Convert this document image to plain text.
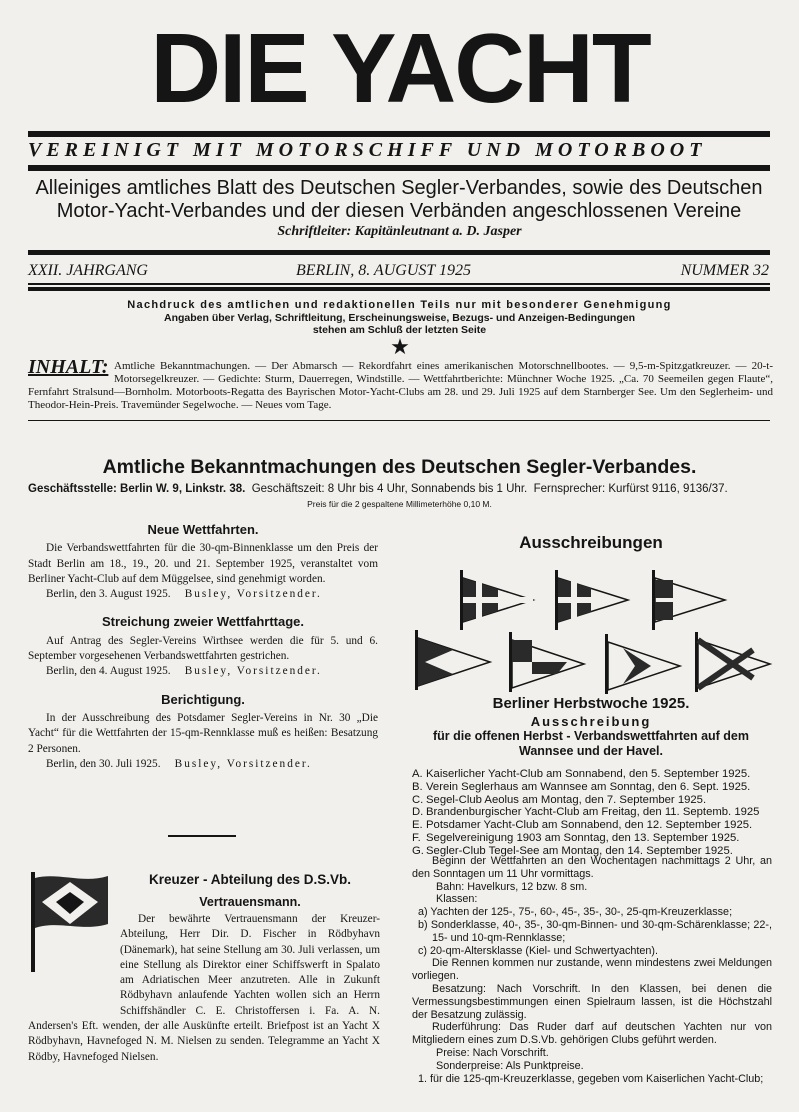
DIE YACHT
VEREINIGT MIT MOTORSCHIFF UND MOTORBOOT
Alleiniges amtliches Blatt des Deutschen Segler-Verbandes, sowie des Deutschen
Motor-Yacht-Verbandes und der diesen Verbänden angeschlossenen Vereine
Schriftleiter: Kapitänleutnant a. D. Jasper
XXII. JAHRGANG	BERLIN, 8. AUGUST 1925	NUMMER 32
Nachdruck des amtlichen und redaktionellen Teils nur mit besonderer Genehmigung
Angaben über Verlag, Schriftleitung, Erscheinungsweise, Bezugs- und Anzeigen-Bedingungen
stehen am Schluß der letzten Seite
★
Amtliche Bekanntmachungen. — Der Abmarsch — Rekordfahrt eines amerikanischen Motorschnellbootes. — 9,5-m-Spitzgatkreuzer. — 20-t-Motorsegelkreuzer. — Gedichte: Sturm, Dauerregen, Windstille. — Wettfahrtberichte: Münchner Woche 1925. „Ca. 70 Seemeilen gegen Flaute“, Fernfahrt Stralsund—Bornholm. Motorboots-Regatta des Bayrischen Motor-Yacht-Clubs am 28. und 29. Juli 1925 auf dem Starnberger See. Um den Seglerheim- und Theodor-Hein-Preis. Travemünder Segelwoche. — Neues vom Tage.
INHALT:
Amtliche Bekanntmachungen des Deutschen Segler-Verbandes.
Geschäftsstelle: Berlin W. 9, Linkstr. 38. Geschäftszeit: 8 Uhr bis 4 Uhr, Sonnabends bis 1 Uhr. Fernsprecher: Kurfürst 9116, 9136/37.
Preis für die 2 gespaltene Millimeterhöhe 0,10 M.
Neue Wettfahrten.

Die Verbandswettfahrten für die 30-qm-Binnenklasse um den Preis der Stadt Berlin am 18., 19., 20. und 21. September 1925, veranstaltet vom Berliner Yacht-Club auf dem Müggelsee, sind genehmigt worden.

Berlin, den 3. August 1925. Busley, Vorsitzender.

Streichung zweier Wettfahrttage.

Auf Antrag des Segler-Vereins Wirthsee werden die für 5. und 6. September vorgesehenen Verbandswettfahrten gestrichen.

Berlin, den 4. August 1925. Busley, Vorsitzender.

Berichtigung.

In der Ausschreibung des Potsdamer Segler-Vereins in Nr. 30 „Die Yacht“ für die Wettfahrten der 15-qm-Rennklasse muß es heißen: Besatzung 2 Personen.

Berlin, den 30. Juli 1925. Busley, Vorsitzender.

Kreuzer - Abteilung des D.S.Vb.
Vertrauensmann.

Der bewährte Vertrauensmann der Kreuzer-Abteilung, Herr Dir. D. Fischer in Rödbyhavn (Dänemark), hat seine Stellung am 30. Juli verlassen, um eine Stellung als Direktor einer Schiffswerft in Spalato am Adriatischen Meer anzutreten. Alle in Zukunft Rödbyhavn anlaufende Yachten wollen sich an Herrn Schiffshändler C. E. Christoffersen i. Fa. A. N. Andersen's Eft. wenden, der alle Auskünfte erteilt. Briefpost ist an Yacht X Rödbyhavn, Havnefoged N. M. Nielsen zu senden. Telegramme an Yacht X Rödby, Havnefoged Nielsen.

Ausschreibungen
Berliner Herbstwoche 1925.
Ausschreibung
für die offenen Herbst - Verbandswettfahrten auf dem Wannsee und der Havel.
A. Kaiserlicher Yacht-Club am Sonnabend, den 5. September 1925.
B. Verein Seglerhaus am Wannsee am Sonntag, den 6. Sept. 1925.
C. Segel-Club Aeolus am Montag, den 7. September 1925.
D. Brandenburgischer Yacht-Club am Freitag, den 11. Septemb. 1925
E. Potsdamer Yacht-Club am Sonnabend, den 12. September 1925.
F. Segelvereinigung 1903 am Sonntag, den 13. September 1925.
G. Segler-Club Tegel-See am Montag, den 14. September 1925.

Beginn der Wettfahrten an den Wochentagen nachmittags 2 Uhr, an den Sonntagen um 11 Uhr vormittags.

Bahn: Havelkurs, 12 bzw. 8 sm.

Klassen:

a) Yachten der 125-, 75-, 60-, 45-, 35-, 30-, 25-qm-Kreuzerklasse;

b) Sonderklasse, 40-, 35-, 30-qm-Binnen- und 30-qm-Schärenklasse; 22-, 15- und 10-qm-Rennklasse;

c) 20-qm-Altersklasse (Kiel- und Schwertyachten).

Die Rennen kommen nur zustande, wenn mindestens zwei Meldungen vorliegen.

Besatzung: Nach Vorschrift. In den Klassen, bei denen die Vermessungsbestimmungen einen Spielraum lassen, ist die Höchstzahl der Besatzung zulässig.

Ruderführung: Das Ruder darf auf deutschen Yachten nur von Mitgliedern eines zum D.S.Vb. gehörigen Clubs geführt werden.

Preise: Nach Vorschrift.

Sonderpreise: Als Punktpreise.

1. für die 125-qm-Kreuzerklasse, gegeben vom Kaiserlichen Yacht-Club;
